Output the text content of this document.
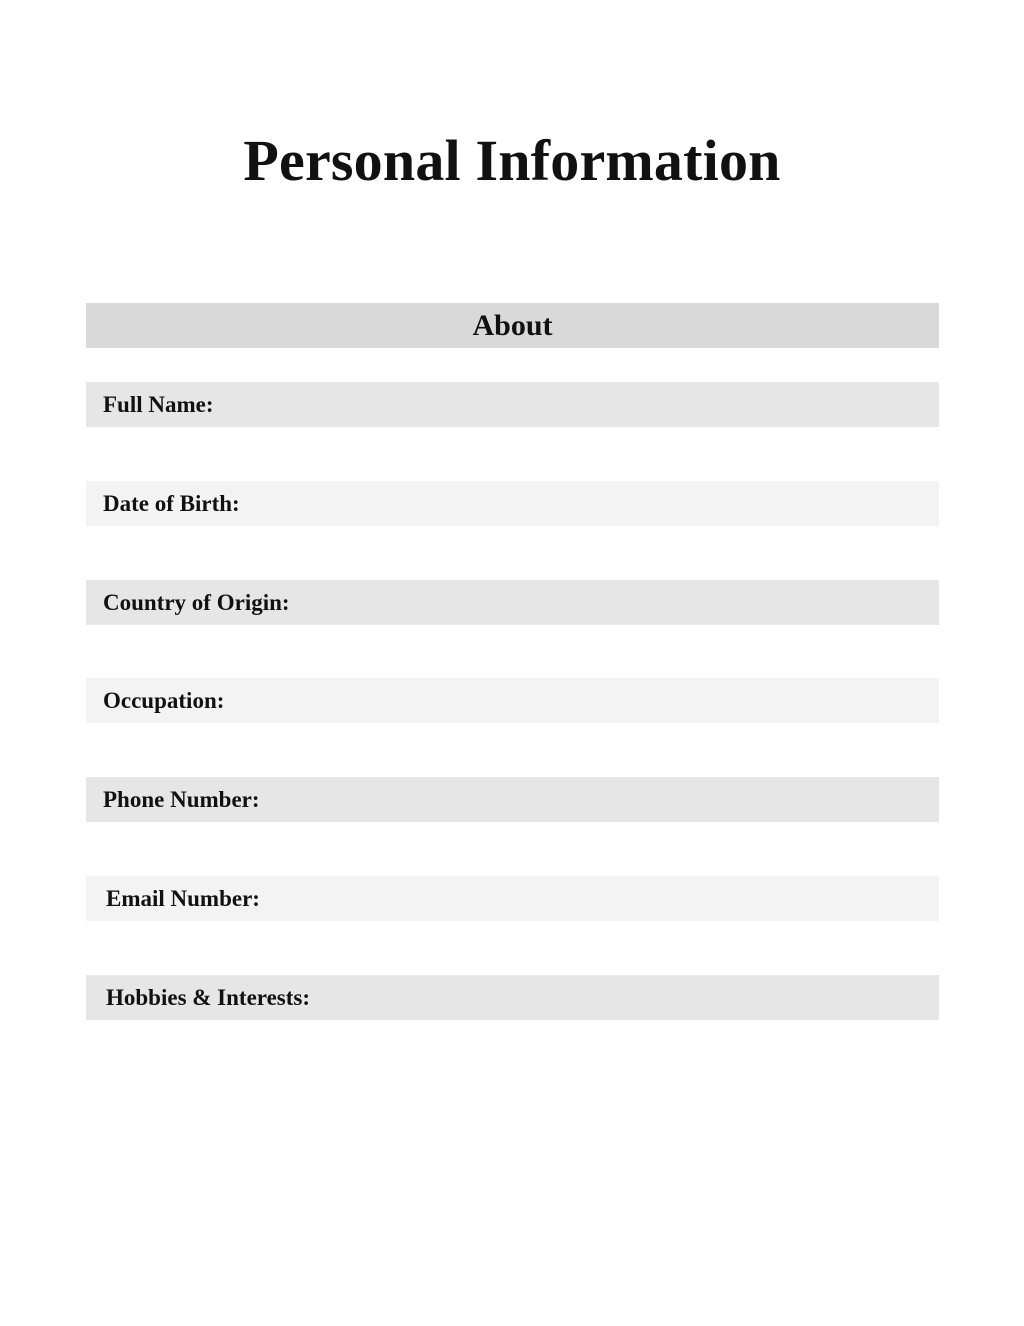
Personal Information
About
Full Name:
Date of Birth:
Country of Origin:
Occupation:
Phone Number:
Email Number:
Hobbies & Interests:
